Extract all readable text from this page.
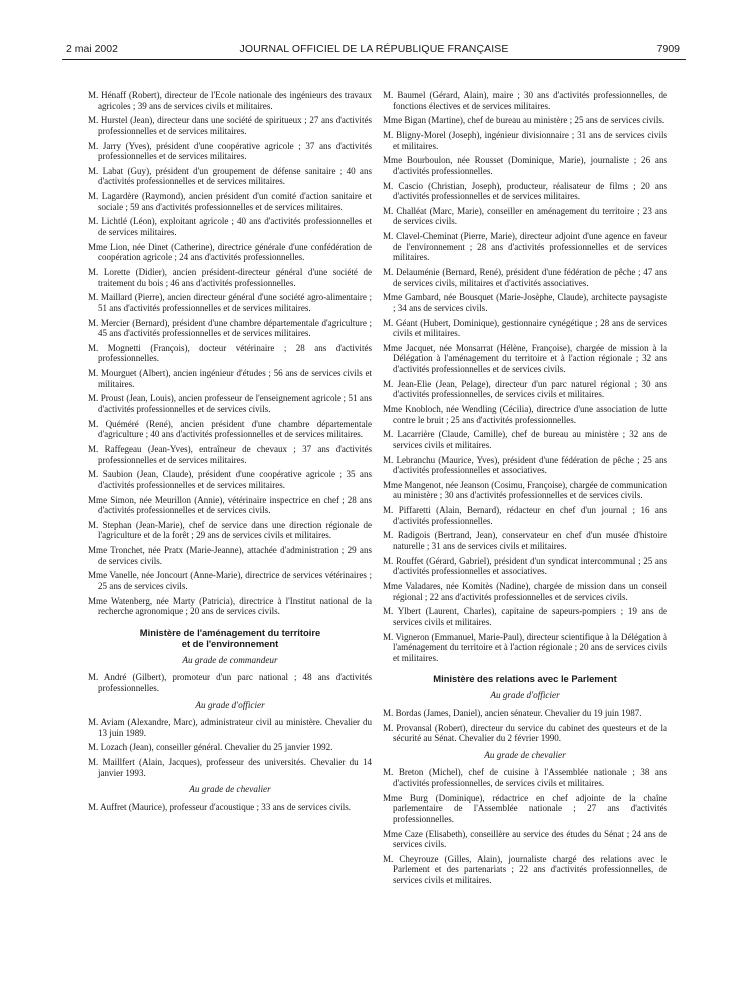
2 mai 2002	JOURNAL OFFICIEL DE LA RÉPUBLIQUE FRANÇAISE	7909

M. Hénaff (Robert), directeur de l'Ecole nationale des ingénieurs des travaux agricoles ; 39 ans de services civils et militaires.

M. Hurstel (Jean), directeur dans une société de spiritueux ; 27 ans d'activités professionnelles et de services militaires.

M. Jarry (Yves), président d'une coopérative agricole ; 37 ans d'activités professionnelles et de services militaires.

M. Labat (Guy), président d'un groupement de défense sanitaire ; 40 ans d'activités professionnelles et de services militaires.

M. Lagardère (Raymond), ancien président d'un comité d'action sanitaire et sociale ; 59 ans d'activités professionnelles et de services militaires.

M. Lichtlé (Léon), exploitant agricole ; 40 ans d'activités professionnelles et de services militaires.

Mme Lion, née Dinet (Catherine), directrice générale d'une confédération de coopération agricole ; 24 ans d'activités professionnelles.

M. Lorette (Didier), ancien président-directeur général d'une société de traitement du bois ; 46 ans d'activités professionnelles.

M. Maillard (Pierre), ancien directeur général d'une société agro-alimentaire ; 51 ans d'activités professionnelles et de services militaires.

M. Mercier (Bernard), président d'une chambre départementale d'agriculture ; 45 ans d'activités professionnelles et de services militaires.

M. Mognetti (François), docteur vétérinaire ; 28 ans d'activités professionnelles.

M. Mourguet (Albert), ancien ingénieur d'études ; 56 ans de services civils et militaires.

M. Proust (Jean, Louis), ancien professeur de l'enseignement agricole ; 51 ans d'activités professionnelles et de services civils.

M. Quéméré (René), ancien président d'une chambre départementale d'agriculture ; 40 ans d'activités professionnelles et de services militaires.

M. Raffegeau (Jean-Yves), entraîneur de chevaux ; 37 ans d'activités professionnelles et de services militaires.

M. Saubion (Jean, Claude), président d'une coopérative agricole ; 35 ans d'activités professionnelles et de services militaires.

Mme Simon, née Meurillon (Annie), vétérinaire inspectrice en chef ; 28 ans d'activités professionnelles et de services civils.

M. Stephan (Jean-Marie), chef de service dans une direction régionale de l'agriculture et de la forêt ; 29 ans de services civils et militaires.

Mme Tronchet, née Pratx (Marie-Jeanne), attachée d'administration ; 29 ans de services civils.

Mme Vanelle, née Joncourt (Anne-Marie), directrice de services vétérinaires ; 25 ans de services civils.

Mme Watenberg, née Marty (Patricia), directrice à l'Institut national de la recherche agronomique ; 20 ans de services civils.

Ministère de l'aménagement du territoire
et de l'environnement
Au grade de commandeur

M. André (Gilbert), promoteur d'un parc national ; 48 ans d'activités professionnelles.

Au grade d'officier

M. Aviam (Alexandre, Marc), administrateur civil au ministère. Chevalier du 13 juin 1989.

M. Lozach (Jean), conseiller général. Chevalier du 25 janvier 1992.

M. Maillfert (Alain, Jacques), professeur des universités. Chevalier du 14 janvier 1993.

Au grade de chevalier

M. Auffret (Maurice), professeur d'acoustique ; 33 ans de services civils.

M. Baumel (Gérard, Alain), maire ; 30 ans d'activités professionnelles, de fonctions électives et de services militaires.

Mme Bigan (Martine), chef de bureau au ministère ; 25 ans de services civils.

M. Bligny-Morel (Joseph), ingénieur divisionnaire ; 31 ans de services civils et militaires.

Mme Bourboulon, née Rousset (Dominique, Marie), journaliste ; 26 ans d'activités professionnelles.

M. Cascio (Christian, Joseph), producteur, réalisateur de films ; 20 ans d'activités professionnelles et de services militaires.

M. Challéat (Marc, Marie), conseiller en aménagement du territoire ; 23 ans de services civils.

M. Clavel-Cheminat (Pierre, Marie), directeur adjoint d'une agence en faveur de l'environnement ; 28 ans d'activités professionnelles et de services militaires.

M. Delauménie (Bernard, René), président d'une fédération de pêche ; 47 ans de services civils, militaires et d'activités associatives.

Mme Gambard, née Bousquet (Marie-Josèphe, Claude), architecte paysagiste ; 34 ans de services civils.

M. Géant (Hubert, Dominique), gestionnaire cynégétique ; 28 ans de services civils et militaires.

Mme Jacquet, née Monsarrat (Hélène, Françoise), chargée de mission à la Délégation à l'aménagement du territoire et à l'action régionale ; 32 ans d'activités professionnelles et de services civils.

M. Jean-Elie (Jean, Pelage), directeur d'un parc naturel régional ; 30 ans d'activités professionnelles, de services civils et militaires.

Mme Knobloch, née Wendling (Cécilia), directrice d'une association de lutte contre le bruit ; 25 ans d'activités professionnelles.

M. Lacarrière (Claude, Camille), chef de bureau au ministère ; 32 ans de services civils et militaires.

M. Lebranchu (Maurice, Yves), président d'une fédération de pêche ; 25 ans d'activités professionnelles et associatives.

Mme Mangenot, née Jeanson (Cosimu, Françoise), chargée de communication au ministère ; 30 ans d'activités professionnelles et de services civils.

M. Piffaretti (Alain, Bernard), rédacteur en chef d'un journal ; 16 ans d'activités professionnelles.

M. Radigois (Bertrand, Jean), conservateur en chef d'un musée d'histoire naturelle ; 31 ans de services civils et militaires.

M. Rouffet (Gérard, Gabriel), président d'un syndicat intercommunal ; 25 ans d'activités professionnelles et associatives.

Mme Valadares, née Komitès (Nadine), chargée de mission dans un conseil régional ; 22 ans d'activités professionnelles et de services civils.

M. Ylbert (Laurent, Charles), capitaine de sapeurs-pompiers ; 19 ans de services civils et militaires.

M. Vigneron (Emmanuel, Marie-Paul), directeur scientifique à la Délégation à l'aménagement du territoire et à l'action régionale ; 20 ans de services civils et militaires.

Ministère des relations avec le Parlement
Au grade d'officier

M. Bordas (James, Daniel), ancien sénateur. Chevalier du 19 juin 1987.

M. Provansal (Robert), directeur du service du cabinet des questeurs et de la sécurité au Sénat. Chevalier du 2 février 1990.

Au grade de chevalier

M. Breton (Michel), chef de cuisine à l'Assemblée nationale ; 38 ans d'activités professionnelles, de services civils et militaires.

Mme Burg (Dominique), rédactrice en chef adjointe de la chaîne parlementaire de l'Assemblée nationale ; 27 ans d'activités professionnelles.

Mme Caze (Elisabeth), conseillère au service des études du Sénat ; 24 ans de services civils.

M. Cheyrouze (Gilles, Alain), journaliste chargé des relations avec le Parlement et des partenariats ; 22 ans d'activités professionnelles, de services civils et militaires.
